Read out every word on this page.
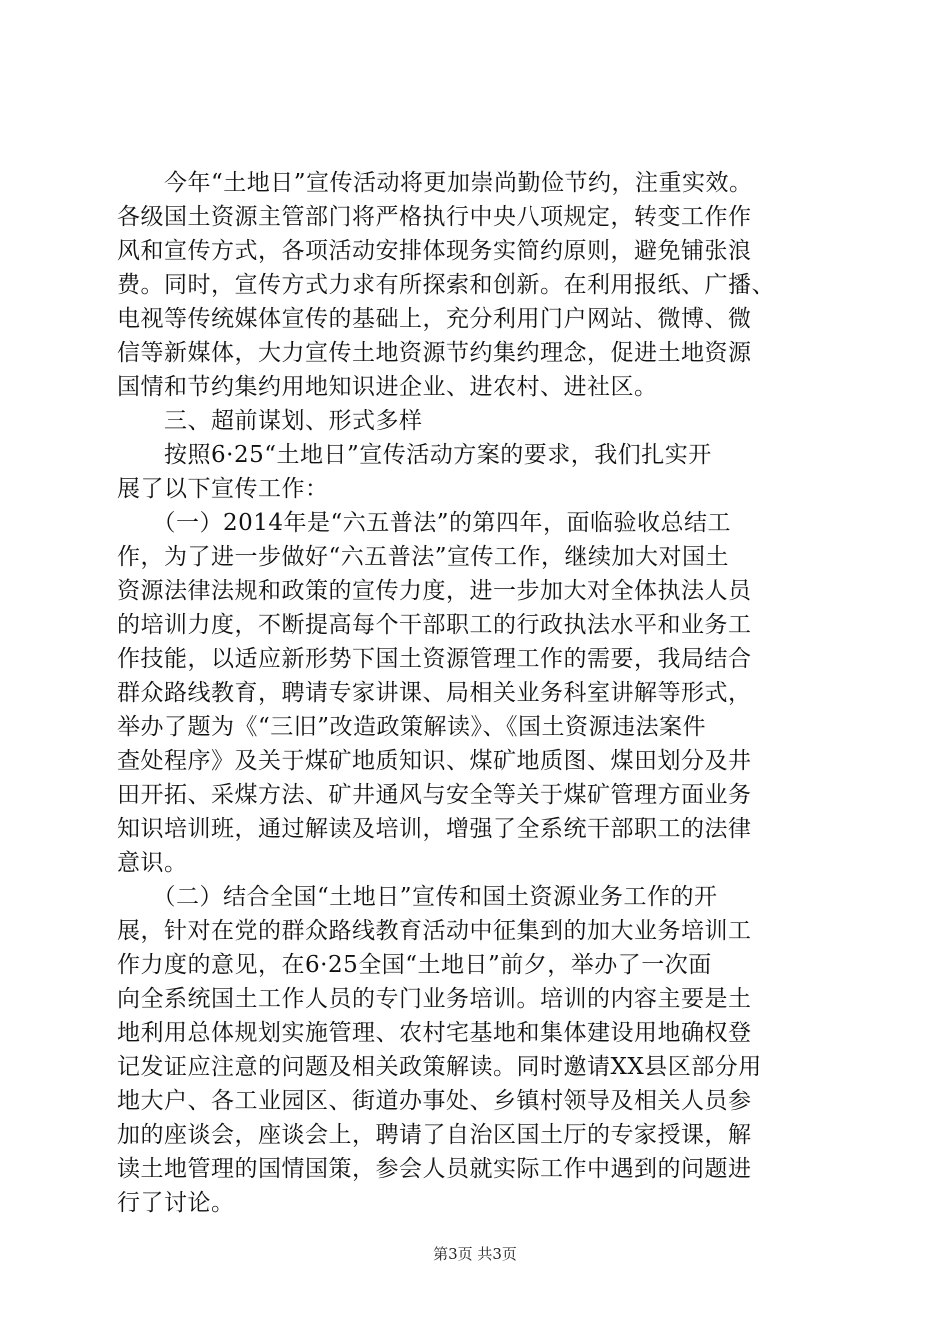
　　今年“土地日”宣传活动将更加崇尚勤俭节约，注重实效。
各级国土资源主管部门将严格执行中央八项规定，转变工作作
风和宣传方式，各项活动安排体现务实简约原则，避免铺张浪
费。同时，宣传方式力求有所探索和创新。在利用报纸、广播、
电视等传统媒体宣传的基础上，充分利用门户网站、微博、微
信等新媒体，大力宣传土地资源节约集约理念，促进土地资源
国情和节约集约用地知识进企业、进农村、进社区。
　　三、超前谋划、形式多样
　　按照6·25“土地日”宣传活动方案的要求，我们扎实开
展了以下宣传工作：
　　（一）2014年是“六五普法”的第四年，面临验收总结工
作，为了进一步做好“六五普法”宣传工作，继续加大对国土
资源法律法规和政策的宣传力度，进一步加大对全体执法人员
的培训力度，不断提高每个干部职工的行政执法水平和业务工
作技能，以适应新形势下国土资源管理工作的需要，我局结合
群众路线教育，聘请专家讲课、局相关业务科室讲解等形式，
举办了题为《“三旧”改造政策解读》、《国土资源违法案件
查处程序》及关于煤矿地质知识、煤矿地质图、煤田划分及井
田开拓、采煤方法、矿井通风与安全等关于煤矿管理方面业务
知识培训班，通过解读及培训，增强了全系统干部职工的法律
意识。
　　（二）结合全国“土地日”宣传和国土资源业务工作的开
展，针对在党的群众路线教育活动中征集到的加大业务培训工
作力度的意见，在6·25全国“土地日”前夕，举办了一次面
向全系统国土工作人员的专门业务培训。培训的内容主要是土
地利用总体规划实施管理、农村宅基地和集体建设用地确权登
记发证应注意的问题及相关政策解读。同时邀请XX县区部分用
地大户、各工业园区、街道办事处、乡镇村领导及相关人员参
加的座谈会，座谈会上，聘请了自治区国土厅的专家授课，解
读土地管理的国情国策，参会人员就实际工作中遇到的问题进
行了讨论。
第3页 共3页
